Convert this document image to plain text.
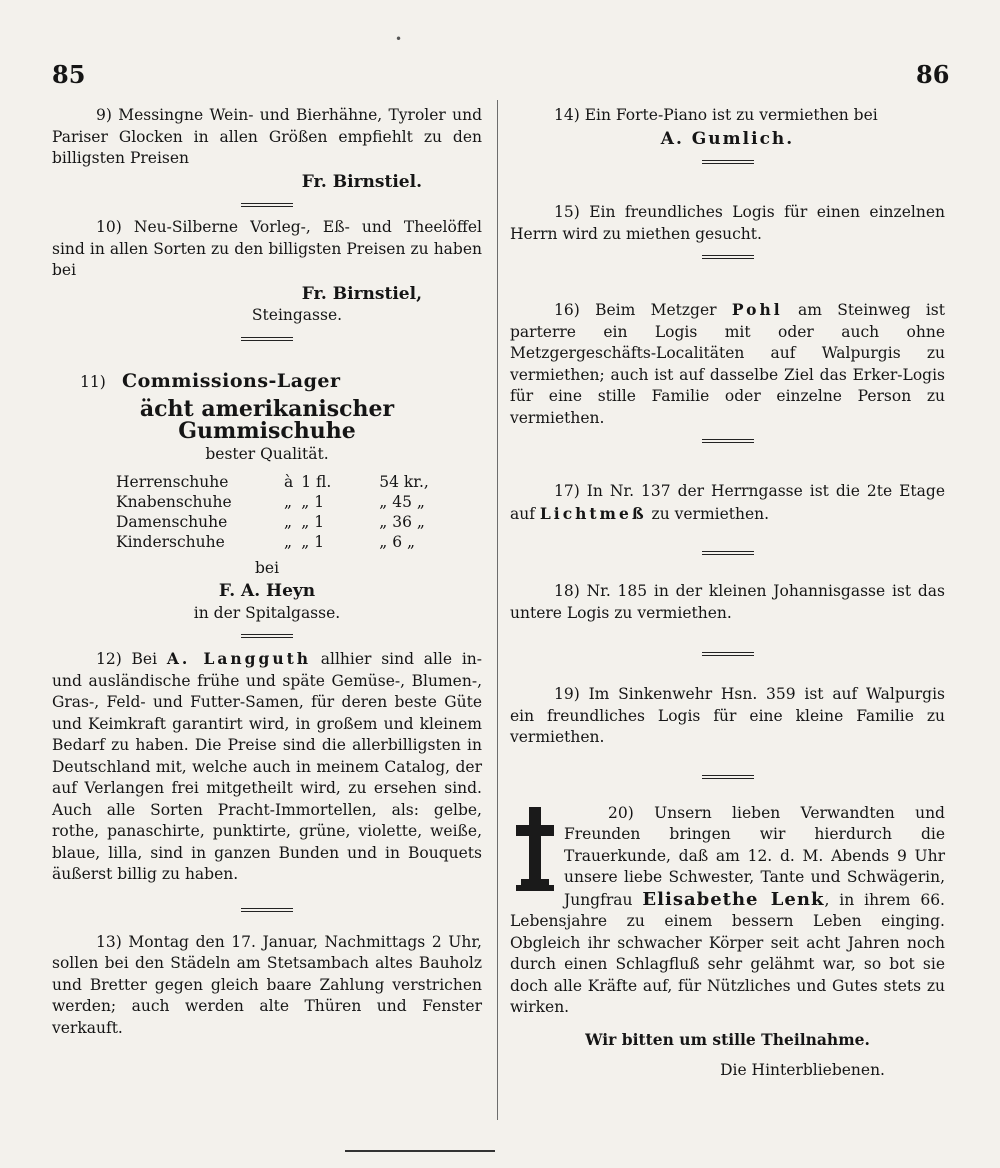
•
85	86

9) Messingne Wein- und Bierhähne, Tyroler und Pariser Glocken in allen Größen empfiehlt zu den billigsten Preisen

Fr. Birnstiel.

10) Neu-Silberne Vorleg-, Eß- und Theelöffel sind in allen Sorten zu den billigsten Preisen zu haben bei

Fr. Birnstiel,
Steingasse.
11) Commissions-Lager
ächt amerikanischer Gummischuhe
bester Qualität.
Herrenschuhe	à	1 fl.	54 kr.,
Knabenschuhe	„	„ 1	„ 45 „
Damenschuhe	„	„ 1	„ 36 „
Kinderschuhe	„	„ 1	„ 6 „
bei
F. A. Heyn
in der Spitalgasse.

12) Bei A. Langguth allhier sind alle in- und ausländische frühe und späte Gemüse-, Blumen-, Gras-, Feld- und Futter-Samen, für deren beste Güte und Keimkraft garantirt wird, in großem und kleinem Bedarf zu haben. Die Preise sind die allerbilligsten in Deutschland mit, welche auch in meinem Catalog, der auf Verlangen frei mitgetheilt wird, zu ersehen sind. Auch alle Sorten Pracht-Immortellen, als: gelbe, rothe, panaschirte, punktirte, grüne, violette, weiße, blaue, lilla, sind in ganzen Bunden und in Bouquets äußerst billig zu haben.

13) Montag den 17. Januar, Nachmittags 2 Uhr, sollen bei den Städeln am Stetsambach altes Bauholz und Bretter gegen gleich baare Zahlung verstrichen werden; auch werden alte Thüren und Fenster verkauft.

14) Ein Forte-Piano ist zu vermiethen bei

A. Gumlich.

15) Ein freundliches Logis für einen einzelnen Herrn wird zu miethen gesucht.

16) Beim Metzger Pohl am Steinweg ist parterre ein Logis mit oder auch ohne Metzgergeschäfts-Localitäten auf Walpurgis zu vermiethen; auch ist auf dasselbe Ziel das Erker-Logis für eine stille Familie oder einzelne Person zu vermiethen.

17) In Nr. 137 der Herrngasse ist die 2te Etage auf Lichtmeß zu vermiethen.

18) Nr. 185 in der kleinen Johannisgasse ist das untere Logis zu vermiethen.

19) Im Sinkenwehr Hsn. 359 ist auf Walpurgis ein freundliches Logis für eine kleine Familie zu vermiethen.

20) Unsern lieben Verwandten und Freunden bringen wir hierdurch die Trauerkunde, daß am 12. d. M. Abends 9 Uhr unsere liebe Schwester, Tante und Schwägerin, Jungfrau Elisabethe Lenk, in ihrem 66. Lebensjahre zu einem bessern Leben einging. Obgleich ihr schwacher Körper seit acht Jahren noch durch einen Schlagfluß sehr gelähmt war, so bot sie doch alle Kräfte auf, für Nützliches und Gutes stets zu wirken.

Wir bitten um stille Theilnahme.
Die Hinterbliebenen.
